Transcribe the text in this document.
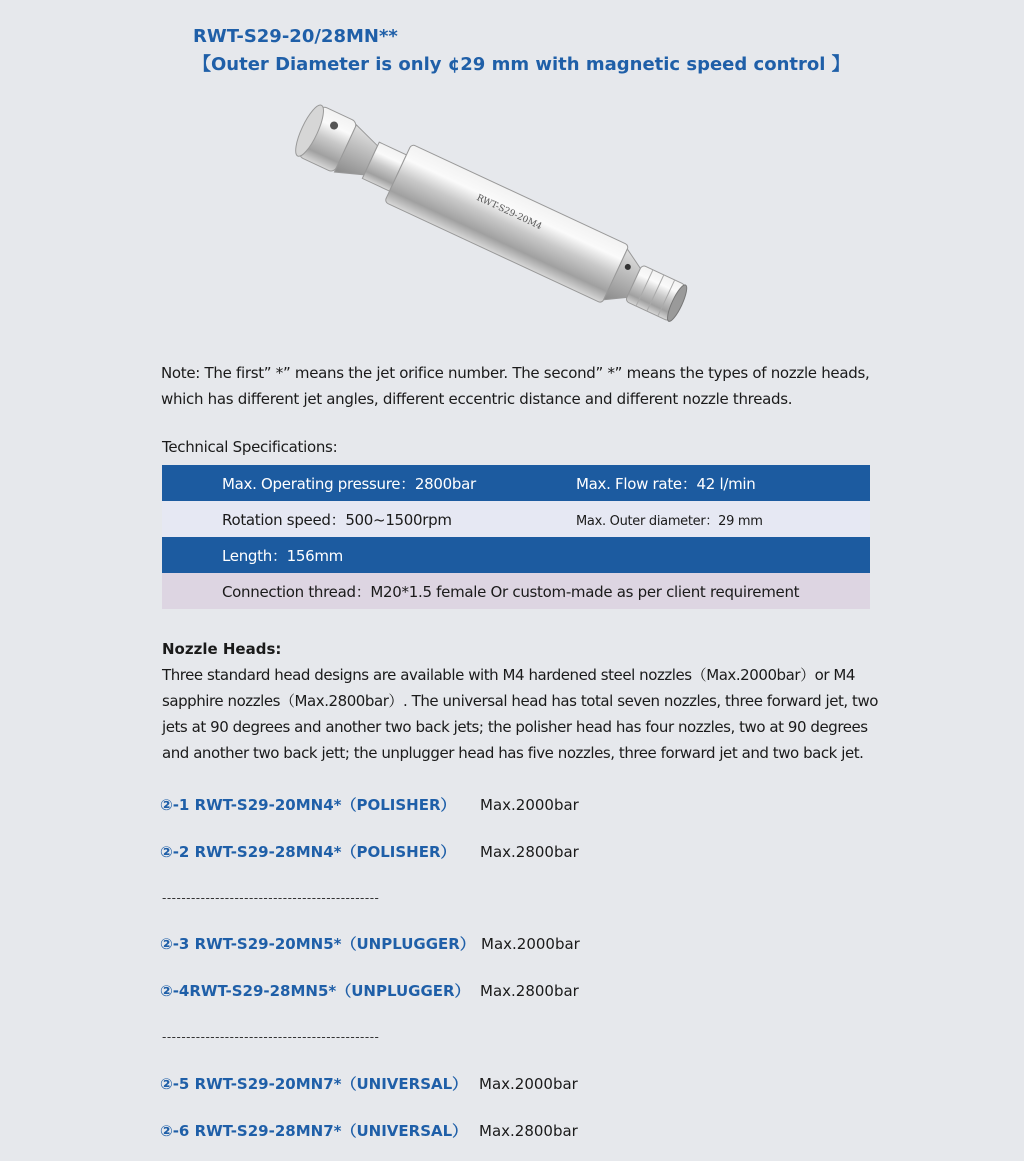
RWT-S29-20/28MN**
【Outer Diameter is only ¢29 mm with magnetic speed control 】
RWT-S29-20M4
Note: The first” *” means the jet orifice number. The second” *” means the types of nozzle heads, which has different jet angles, different eccentric distance and different nozzle threads.
Technical Specifications:
Max. Operating pressure：2800bar	Max. Flow rate：42 l/min
Rotation speed：500~1500rpm	Max. Outer diameter：29 mm
Length：156mm
Connection thread：M20*1.5 female Or custom-made as per client requirement
Nozzle Heads:
Three standard head designs are available with M4 hardened steel nozzles（Max.2000bar）or M4 sapphire nozzles（Max.2800bar）. The universal head has total seven nozzles, three forward jet, two jets at 90 degrees and another two back jets; the polisher head has four nozzles, two at 90 degrees and another two back jett; the unplugger head has five nozzles, three forward jet and two back jet.
②-1 RWT-S29-20MN4*（POLISHER） Max.2000bar
②-2 RWT-S29-28MN4*（POLISHER） Max.2800bar
---------------------------------------------
②-3 RWT-S29-20MN5*（UNPLUGGER） Max.2000bar
②-4RWT-S29-28MN5*（UNPLUGGER） Max.2800bar
---------------------------------------------
②-5 RWT-S29-20MN7*（UNIVERSAL） Max.2000bar
②-6 RWT-S29-28MN7*（UNIVERSAL） Max.2800bar
